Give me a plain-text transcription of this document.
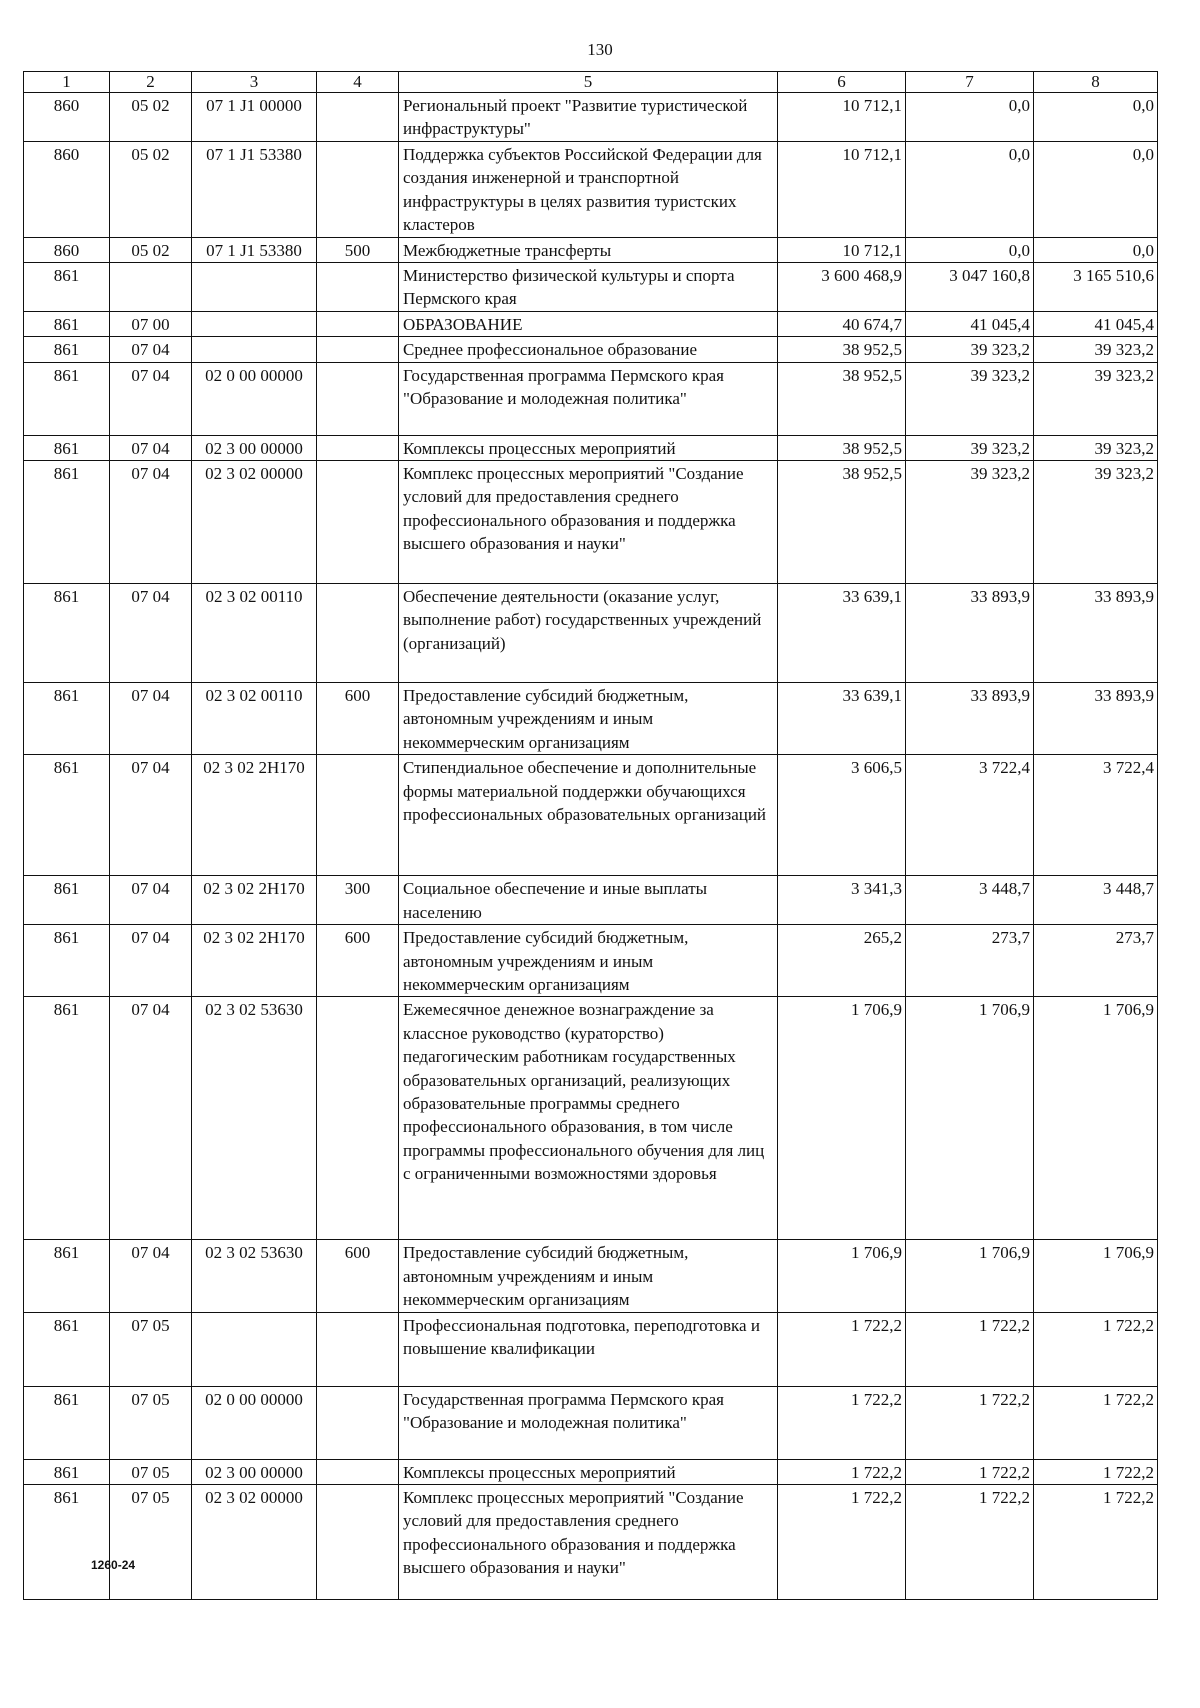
130
1	2	3	4	5	6	7	8
860	05 02	07 1 J1 00000		Региональный проект "Развитие туристической инфраструктуры"	10 712,1	0,0	0,0
860	05 02	07 1 J1 53380		Поддержка субъектов Российской Федерации для создания инженерной и транспортной инфраструктуры в целях развития туристских кластеров	10 712,1	0,0	0,0
860	05 02	07 1 J1 53380	500	Межбюджетные трансферты	10 712,1	0,0	0,0
861				Министерство физической культуры и спорта Пермского края	3 600 468,9	3 047 160,8	3 165 510,6
861	07 00			ОБРАЗОВАНИЕ	40 674,7	41 045,4	41 045,4
861	07 04			Среднее профессиональное образование	38 952,5	39 323,2	39 323,2
861	07 04	02 0 00 00000		Государственная программа Пермского края "Образование и молодежная политика"	38 952,5	39 323,2	39 323,2
861	07 04	02 3 00 00000		Комплексы процессных мероприятий	38 952,5	39 323,2	39 323,2
861	07 04	02 3 02 00000		Комплекс процессных мероприятий "Создание условий для предоставления среднего профессионального образования и поддержка высшего образования и науки"	38 952,5	39 323,2	39 323,2
861	07 04	02 3 02 00110		Обеспечение деятельности (оказание услуг, выполнение работ) государственных учреждений (организаций)	33 639,1	33 893,9	33 893,9
861	07 04	02 3 02 00110	600	Предоставление субсидий бюджетным, автономным учреждениям и иным некоммерческим организациям	33 639,1	33 893,9	33 893,9
861	07 04	02 3 02 2Н170		Стипендиальное обеспечение и дополнительные формы материальной поддержки обучающихся профессиональных образовательных организаций	3 606,5	3 722,4	3 722,4
861	07 04	02 3 02 2Н170	300	Социальное обеспечение и иные выплаты населению	3 341,3	3 448,7	3 448,7
861	07 04	02 3 02 2Н170	600	Предоставление субсидий бюджетным, автономным учреждениям и иным некоммерческим организациям	265,2	273,7	273,7
861	07 04	02 3 02 53630		Ежемесячное денежное вознаграждение за классное руководство (кураторство) педагогическим работникам государственных образовательных организаций, реализующих образовательные программы среднего профессионального образования, в том числе программы профессионального обучения для лиц с ограниченными возможностями здоровья	1 706,9	1 706,9	1 706,9
861	07 04	02 3 02 53630	600	Предоставление субсидий бюджетным, автономным учреждениям и иным некоммерческим организациям	1 706,9	1 706,9	1 706,9
861	07 05			Профессиональная подготовка, переподготовка и повышение квалификации	1 722,2	1 722,2	1 722,2
861	07 05	02 0 00 00000		Государственная программа Пермского края "Образование и молодежная политика"	1 722,2	1 722,2	1 722,2
861	07 05	02 3 00 00000		Комплексы процессных мероприятий	1 722,2	1 722,2	1 722,2
861	07 05	02 3 02 00000		Комплекс процессных мероприятий "Создание условий для предоставления среднего профессионального образования и поддержка высшего образования и науки"	1 722,2	1 722,2	1 722,2
1260-24
